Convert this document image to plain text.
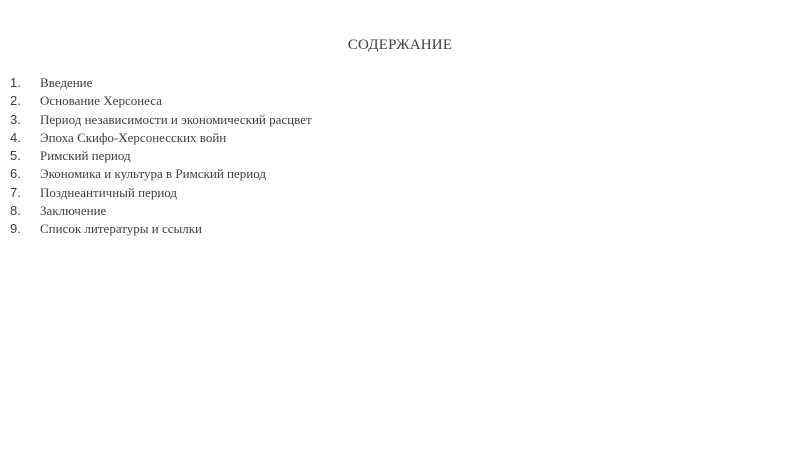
СОДЕРЖАНИЕ
1.	Введение
2.	Основание Херсонеса
3.	Период независимости и экономический расцвет
4.	Эпоха Скифо-Херсонесских войн
5.	Римский период
6.	Экономика и культура в Римский период
7.	Позднеантичный период
8.	Заключение
9.	Список литературы и ссылки
